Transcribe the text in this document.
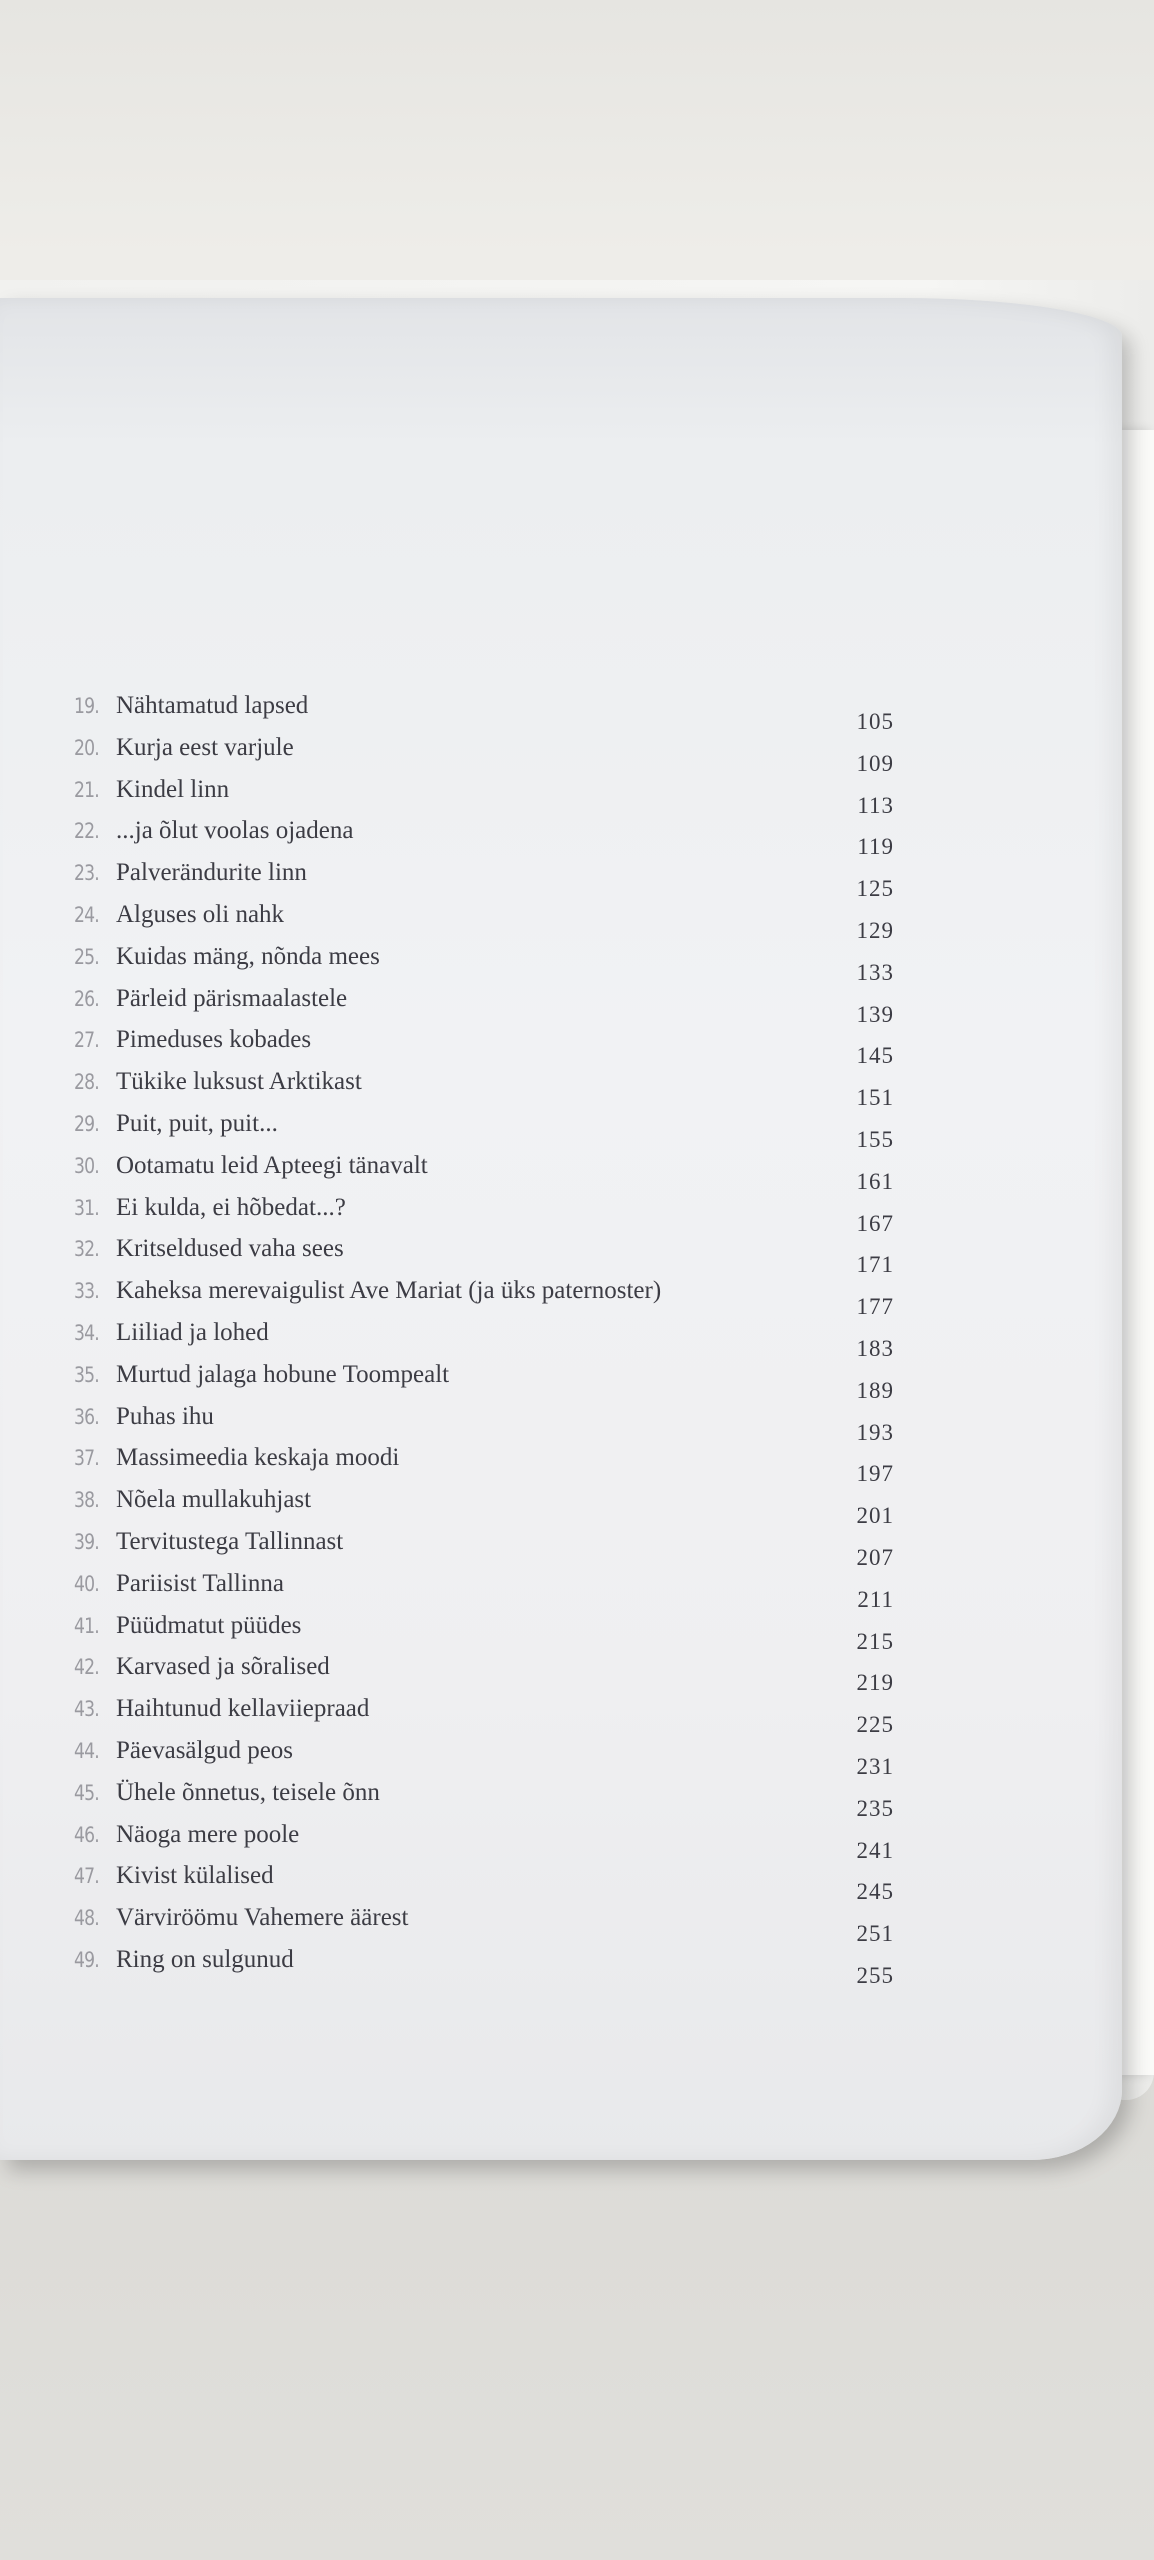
19. Nähtamatud lapsed
105
20. Kurja eest varjule
109
21. Kindel linn
113
22. ...ja õlut voolas ojadena
119
23. Palverändurite linn
125
24. Alguses oli nahk
129
25. Kuidas mäng, nõnda mees
133
26. Pärleid pärismaalastele
139
27. Pimeduses kobades
145
28. Tükike luksust Arktikast
151
29. Puit, puit, puit...
155
30. Ootamatu leid Apteegi tänavalt
161
31. Ei kulda, ei hõbedat...?
167
32. Kritseldused vaha sees
171
33. Kaheksa merevaigulist Ave Mariat (ja üks paternoster)
177
34. Liiliad ja lohed
183
35. Murtud jalaga hobune Toompealt
189
36. Puhas ihu
193
37. Massimeedia keskaja moodi
197
38. Nõela mullakuhjast
201
39. Tervitustega Tallinnast
207
40. Pariisist Tallinna
211
41. Püüdmatut püüdes
215
42. Karvased ja sõralised
219
43. Haihtunud kellaviiepraad
225
44. Päevasälgud peos
231
45. Ühele õnnetus, teisele õnn
235
46. Näoga mere poole
241
47. Kivist külalised
245
48. Värviröömu Vahemere äärest
251
49. Ring on sulgunud
255
